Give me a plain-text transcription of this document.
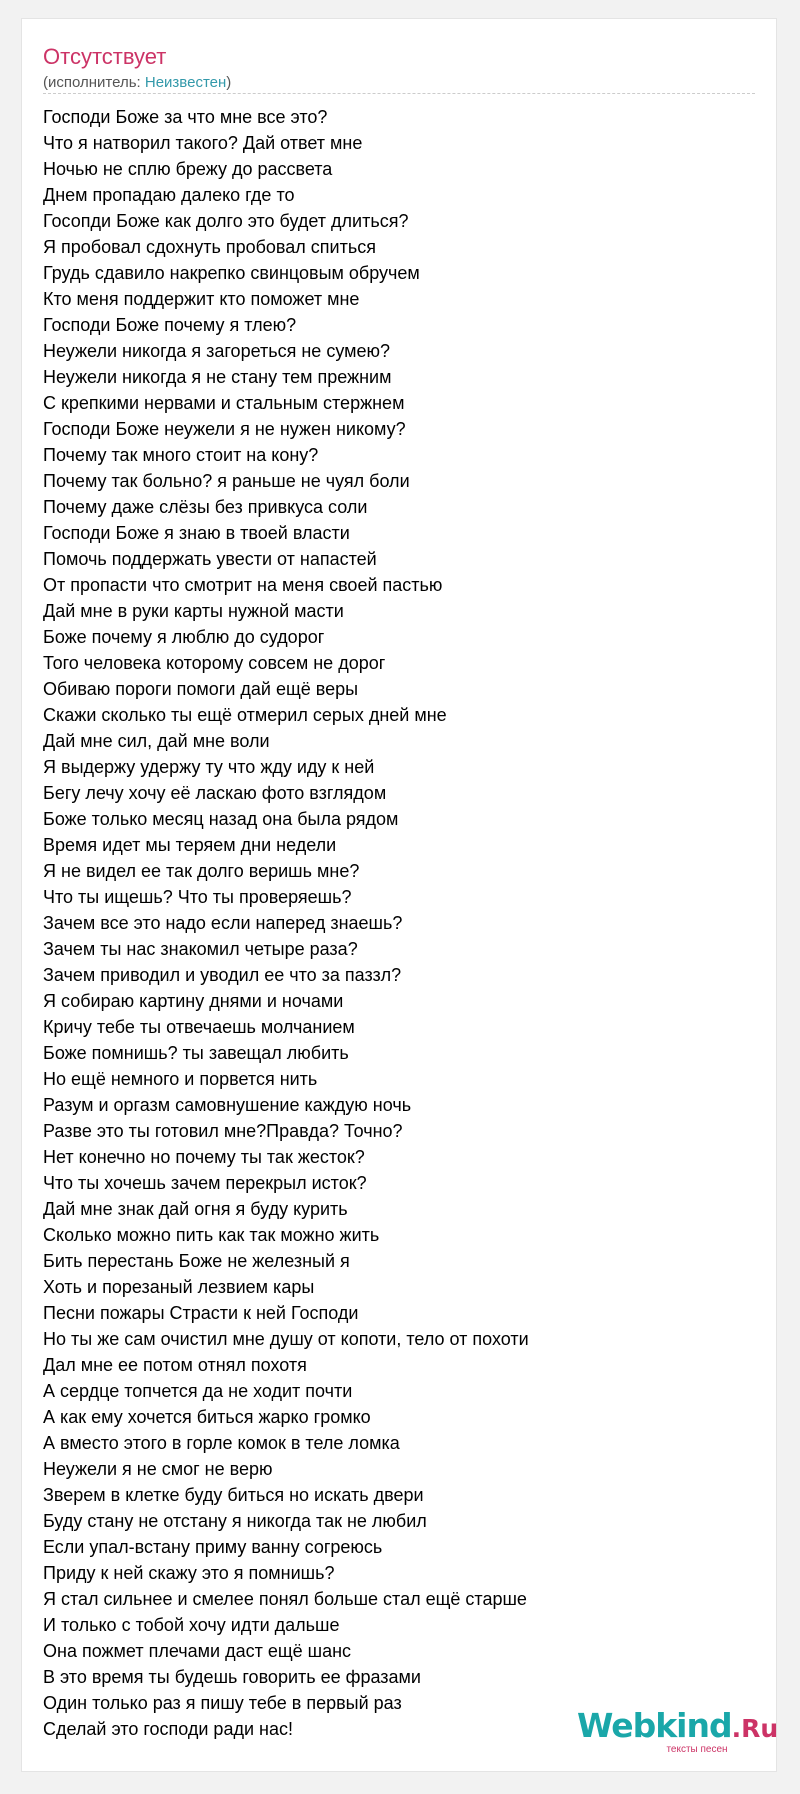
Отсутствует
(исполнитель: Неизвестен)
Господи Боже за что мне все это?
Что я натворил такого? Дай ответ мне
Ночью не сплю брежу до рассвета
Днем пропадаю далеко где то
Госопди Боже как долго это будет длиться?
Я пробовал сдохнуть пробовал спиться
Грудь сдавило накрепко свинцовым обручем
Кто меня поддержит кто поможет мне
Господи Боже почему я тлею?
Неужели никогда я загореться не сумею?
Неужели никогда я не стану тем прежним
С крепкими нервами и стальным стержнем
Господи Боже неужели я не нужен никому?
Почему так много стоит на кону?
Почему так больно? я раньше не чуял боли
Почему даже слёзы без привкуса соли
Господи Боже я знаю в твоей власти
Помочь поддержать увести от напастей
От пропасти что смотрит на меня своей пастью
Дай мне в руки карты нужной масти
Боже почему я люблю до судорог
Того человека которому совсем не дорог
Обиваю пороги помоги дай ещё веры
Скажи сколько ты ещё отмерил серых дней мне
Дай мне сил, дай мне воли
Я выдержу удержу ту что жду иду к ней
Бегу лечу хочу её ласкаю фото взглядом
Боже только месяц назад она была рядом
Время идет мы теряем дни недели
Я не видел ее так долго веришь мне?
Что ты ищешь? Что ты проверяешь?
Зачем все это надо если наперед знаешь?
Зачем ты нас знакомил четыре раза?
Зачем приводил и уводил ее что за паззл?
Я собираю картину днями и ночами
Кричу тебе ты отвечаешь молчанием
Боже помнишь? ты завещал любить
Но ещё немного и порвется нить
Разум и оргазм самовнушение каждую ночь
Разве это ты готовил мне?Правда? Точно?
Нет конечно но почему ты так жесток?
Что ты хочешь зачем перекрыл исток?
Дай мне знак дай огня я буду курить
Сколько можно пить как так можно жить
Бить перестань Боже не железный я
Хоть и порезаный лезвием кары
Песни пожары Страсти к ней Господи
Но ты же сам очистил мне душу от копоти, тело от похоти
Дал мне ее потом отнял похотя
А сердце топчется да не ходит почти
А как ему хочется биться жарко громко
А вместо этого в горле комок в теле ломка
Неужели я не смог не верю
Зверем в клетке буду биться но искать двери
Буду стану не отстану я никогда так не любил
Если упал-встану приму ванну согреюсь
Приду к ней скажу это я помнишь?
Я стал сильнее и смелее понял больше стал ещё старше
И только с тобой хочу идти дальше
Она пожмет плечами даст ещё шанс
В это время ты будешь говорить ее фразами
Один только раз я пишу тебе в первый раз
Сделай это господи ради нас!	Webkind.Ru
тексты песен
